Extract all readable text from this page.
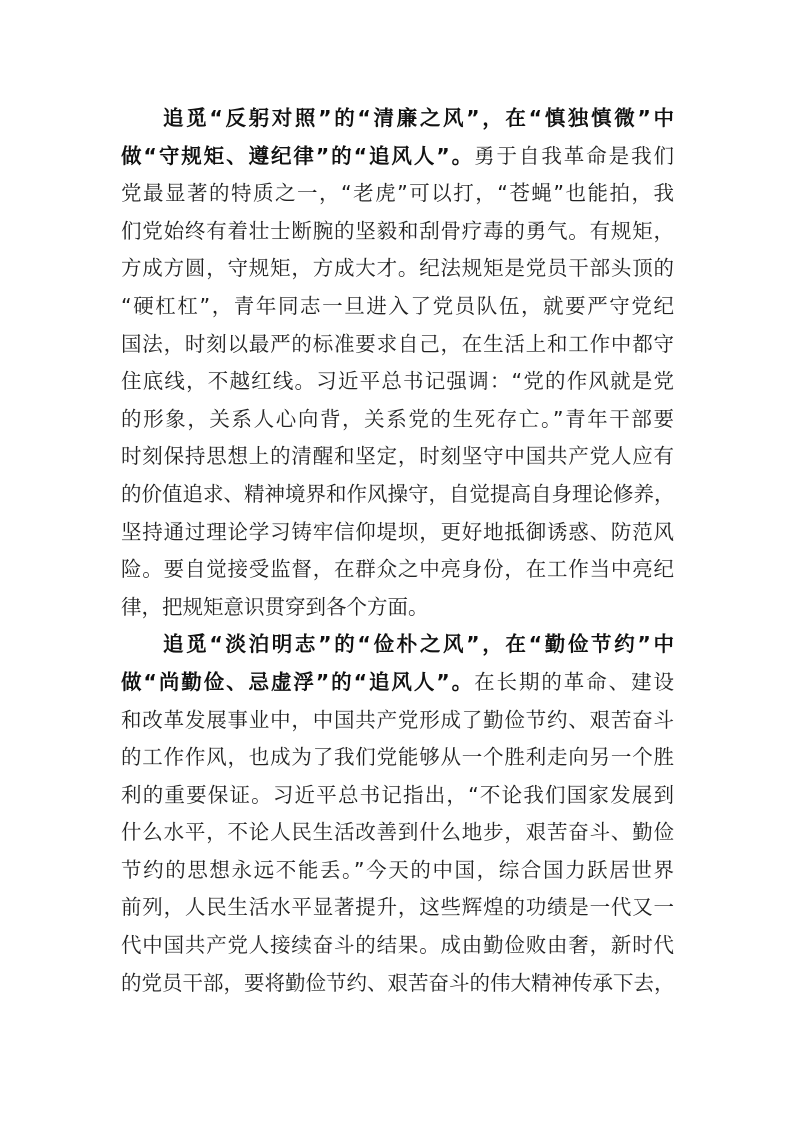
追觅“反躬对照”的“清廉之风”，在“慎独慎微”中
做“守规矩、遵纪律”的“追风人”。勇于自我革命是我们
党最显著的特质之一，“老虎”可以打，“苍蝇”也能拍，我
们党始终有着壮士断腕的坚毅和刮骨疗毒的勇气。有规矩，
方成方圆，守规矩，方成大才。纪法规矩是党员干部头顶的
“硬杠杠”，青年同志一旦进入了党员队伍，就要严守党纪
国法，时刻以最严的标准要求自己，在生活上和工作中都守
住底线，不越红线。习近平总书记强调：“党的作风就是党
的形象，关系人心向背，关系党的生死存亡。”青年干部要
时刻保持思想上的清醒和坚定，时刻坚守中国共产党人应有
的价值追求、精神境界和作风操守，自觉提高自身理论修养，
坚持通过理论学习铸牢信仰堤坝，更好地抵御诱惑、防范风
险。要自觉接受监督，在群众之中亮身份，在工作当中亮纪
律，把规矩意识贯穿到各个方面。
追觅“淡泊明志”的“俭朴之风”，在“勤俭节约”中
做“尚勤俭、忌虚浮”的“追风人”。在长期的革命、建设
和改革发展事业中，中国共产党形成了勤俭节约、艰苦奋斗
的工作作风，也成为了我们党能够从一个胜利走向另一个胜
利的重要保证。习近平总书记指出，“不论我们国家发展到
什么水平，不论人民生活改善到什么地步，艰苦奋斗、勤俭
节约的思想永远不能丢。”今天的中国，综合国力跃居世界
前列，人民生活水平显著提升，这些辉煌的功绩是一代又一
代中国共产党人接续奋斗的结果。成由勤俭败由奢，新时代
的党员干部，要将勤俭节约、艰苦奋斗的伟大精神传承下去，
